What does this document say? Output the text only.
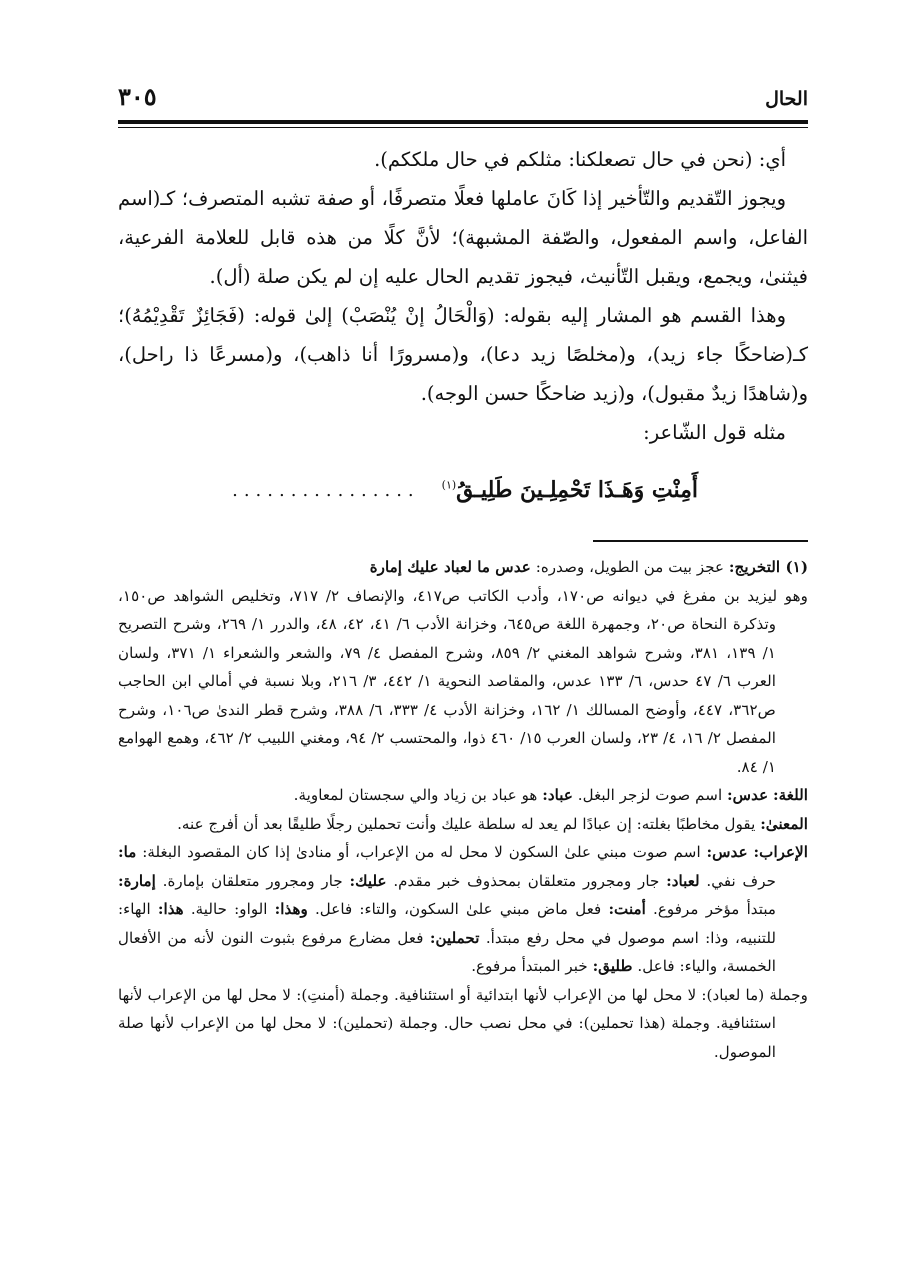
الحال
٣٠٥

أي: (نحن في حال تصعلكنا: مثلكم في حال ملككم).

ويجوز التّقديم والتّأخير إذا كَانَ عاملها فعلًا متصرفًا، أو صفة تشبه المتصرف؛ كـ(اسم الفاعل، واسم المفعول، والصّفة المشبهة)؛ لأنَّ كلًا من هذه قابل للعلامة الفرعية، فيثنىٰ، ويجمع، ويقبل التّأنيث، فيجوز تقديم الحال عليه إن لم يكن صلة (أل).

وهذا القسم هو المشار إليه بقوله: (وَالْحَالُ إنْ يُنْصَبْ) إلىٰ قوله: (فَجَائِزٌ تَقْدِيْمُهُ)؛ كـ(ضاحكًا جاء زيد)، و(مخلصًا زيد دعا)، و(مسرورًا أنا ذاهب)، و(مسرعًا ذا راحل)، و(شاهدًا زيدٌ مقبول)، و(زيد ضاحكًا حسن الوجه).

مثله قول الشّاعر:

أَمِنْتِ وَهَـذَا تَحْمِلِـينَ طَلِيـقُ$^{(١)}$
................

(١) التخريج: عجز بيت من الطويل، وصدره: عدس ما لعباد عليك إمارة

وهو ليزيد بن مفرغ في ديوانه ص١٧٠، وأدب الكاتب ص٤١٧، والإنصاف ٢/ ٧١٧، وتخليص الشواهد ص١٥٠، وتذكرة النحاة ص٢٠، وجمهرة اللغة ص٦٤٥، وخزانة الأدب ٦/ ٤١، ٤٢، ٤٨، والدرر ١/ ٢٦٩، وشرح التصريح ١/ ١٣٩، ٣٨١، وشرح شواهد المغني ٢/ ٨٥٩، وشرح المفصل ٤/ ٧٩، والشعر والشعراء ١/ ٣٧١، ولسان العرب ٦/ ٤٧ حدس، ٦/ ١٣٣ عدس، والمقاصد النحوية ١/ ٤٤٢، ٣/ ٢١٦، وبلا نسبة في أمالي ابن الحاجب ص٣٦٢، ٤٤٧، وأوضح المسالك ١/ ١٦٢، وخزانة الأدب ٤/ ٣٣٣، ٦/ ٣٨٨، وشرح قطر الندىٰ ص١٠٦، وشرح المفصل ٢/ ١٦، ٤/ ٢٣، ولسان العرب ١٥/ ٤٦٠ ذوا، والمحتسب ٢/ ٩٤، ومغني اللبيب ٢/ ٤٦٢، وهمع الهوامع ١/ ٨٤.

اللغة: عدس: اسم صوت لزجر البغل. عباد: هو عباد بن زياد والي سجستان لمعاوية.

المعنىٰ: يقول مخاطبًا بغلته: إن عبادًا لم يعد له سلطة عليك وأنت تحملين رجلًا طليقًا بعد أن أفرج عنه.

الإعراب: عدس: اسم صوت مبني علىٰ السكون لا محل له من الإعراب، أو منادىٰ إذا كان المقصود البغلة: ما: حرف نفي. لعباد: جار ومجرور متعلقان بمحذوف خبر مقدم. عليك: جار ومجرور متعلقان بإمارة. إمارة: مبتدأ مؤخر مرفوع. أمنت: فعل ماض مبني علىٰ السكون، والتاء: فاعل. وهذا: الواو: حالية. هذا: الهاء: للتنبيه، وذا: اسم موصول في محل رفع مبتدأ. تحملين: فعل مضارع مرفوع بثبوت النون لأنه من الأفعال الخمسة، والياء: فاعل. طليق: خبر المبتدأ مرفوع.

وجملة (ما لعباد): لا محل لها من الإعراب لأنها ابتدائية أو استئنافية. وجملة (أمنتِ): لا محل لها من الإعراب لأنها استئنافية. وجملة (هذا تحملين): في محل نصب حال. وجملة (تحملين): لا محل لها من الإعراب لأنها صلة الموصول.
